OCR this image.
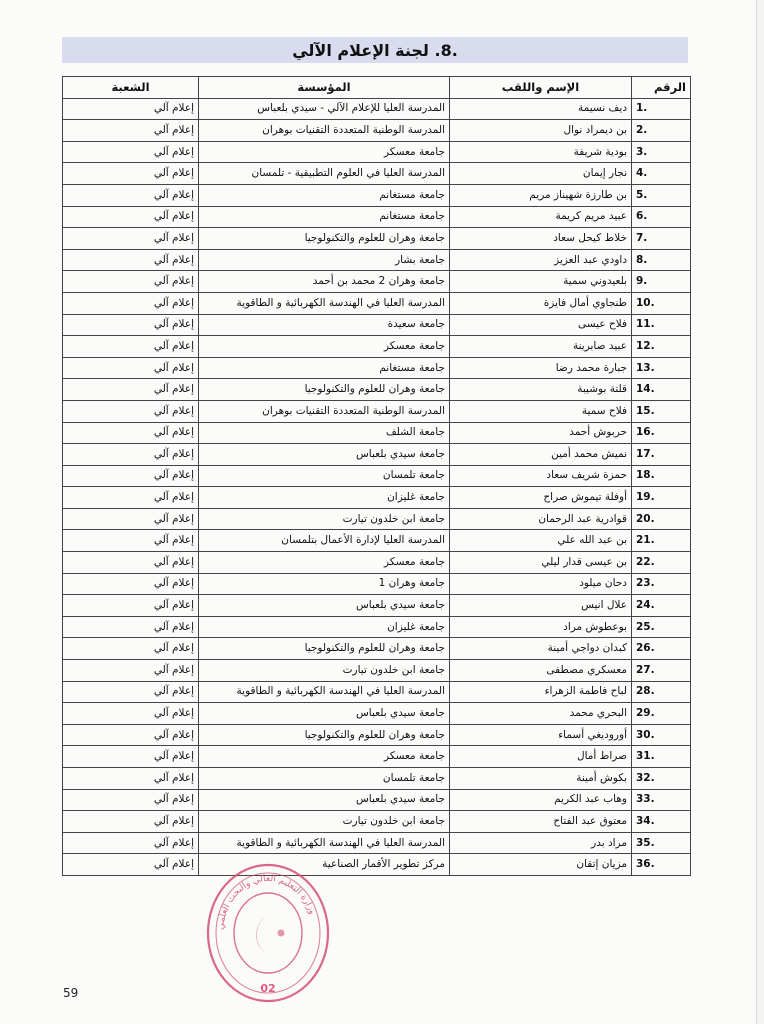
.8. لجنة الإعلام الآلي
الرقم	الإسم واللقب	المؤسسة	الشعبة
1.	ديف نسيمة	المدرسة العليا للإعلام الآلي - سيدي بلعباس	إعلام آلي
2.	بن ديمراد نوال	المدرسة الوطنية المتعددة التقنيات بوهران	إعلام آلي
3.	بودية شريفة	جامعة معسكر	إعلام آلي
4.	نجار إيمان	المدرسة العليا في العلوم التطبيقية - تلمسان	إعلام آلي
5.	بن طارزة شهيناز مريم	جامعة مستغانم	إعلام آلي
6.	عبيد مريم كريمة	جامعة مستغانم	إعلام آلي
7.	خلاط كيحل سعاد	جامعة وهران للعلوم والتكنولوجيا	إعلام آلي
8.	داودي عبد العزيز	جامعة بشار	إعلام آلي
9.	بلعيدوني سمية	جامعة وهران 2 محمد بن أحمد	إعلام آلي
10.	طنجاوي أمال فايزة	المدرسة العليا في الهندسة الكهربائية و الطاقوية	إعلام آلي
11.	فلاح عيسى	جامعة سعيدة	إعلام آلي
12.	عبيد صابرينة	جامعة معسكر	إعلام آلي
13.	جبارة محمد رضا	جامعة مستغانم	إعلام آلي
14.	قلتة بوشيبة	جامعة وهران للعلوم والتكنولوجيا	إعلام آلي
15.	فلاح سمية	المدرسة الوطنية المتعددة التقنيات بوهران	إعلام آلي
16.	حربوش أحمد	جامعة الشلف	إعلام آلي
17.	نميش محمد أمين	جامعة سيدي بلعباس	إعلام آلي
18.	حمزة شريف سعاد	جامعة تلمسان	إعلام آلي
19.	أوفلة تيموش صراح	جامعة غليزان	إعلام آلي
20.	قوادرية عبد الرحمان	جامعة ابن خلدون تيارت	إعلام آلي
21.	بن عبد الله علي	المدرسة العليا لإدارة الأعمال بتلمسان	إعلام آلي
22.	بن عيسى قدار ليلي	جامعة معسكر	إعلام آلي
23.	دحان ميلود	جامعة وهران 1	إعلام آلي
24.	علال انيس	جامعة سيدي بلعباس	إعلام آلي
25.	بوعطوش مراد	جامعة غليزان	إعلام آلي
26.	كبدان دواجي أمينة	جامعة وهران للعلوم والتكنولوجيا	إعلام آلي
27.	معسكري مصطفى	جامعة ابن خلدون تيارت	إعلام آلي
28.	لباح فاطمة الزهراء	المدرسة العليا في الهندسة الكهربائية و الطاقوية	إعلام آلي
29.	البحري محمد	جامعة سيدي بلعباس	إعلام آلي
30.	أوروديغي أسماء	جامعة وهران للعلوم والتكنولوجيا	إعلام آلي
31.	صراط أمال	جامعة معسكر	إعلام آلي
32.	بكوش أمينة	جامعة تلمسان	إعلام آلي
33.	وهاب عبد الكريم	جامعة سيدي بلعباس	إعلام آلي
34.	معتوق عبد الفتاح	جامعة ابن خلدون تيارت	إعلام آلي
35.	مراد بدر	المدرسة العليا في الهندسة الكهربائية و الطاقوية	إعلام آلي
36.	مزيان إتقان	مركز تطوير الأقمار الصناعية	إعلام آلي
وزارة التعليم العالي والبحث العلمي
02
59
